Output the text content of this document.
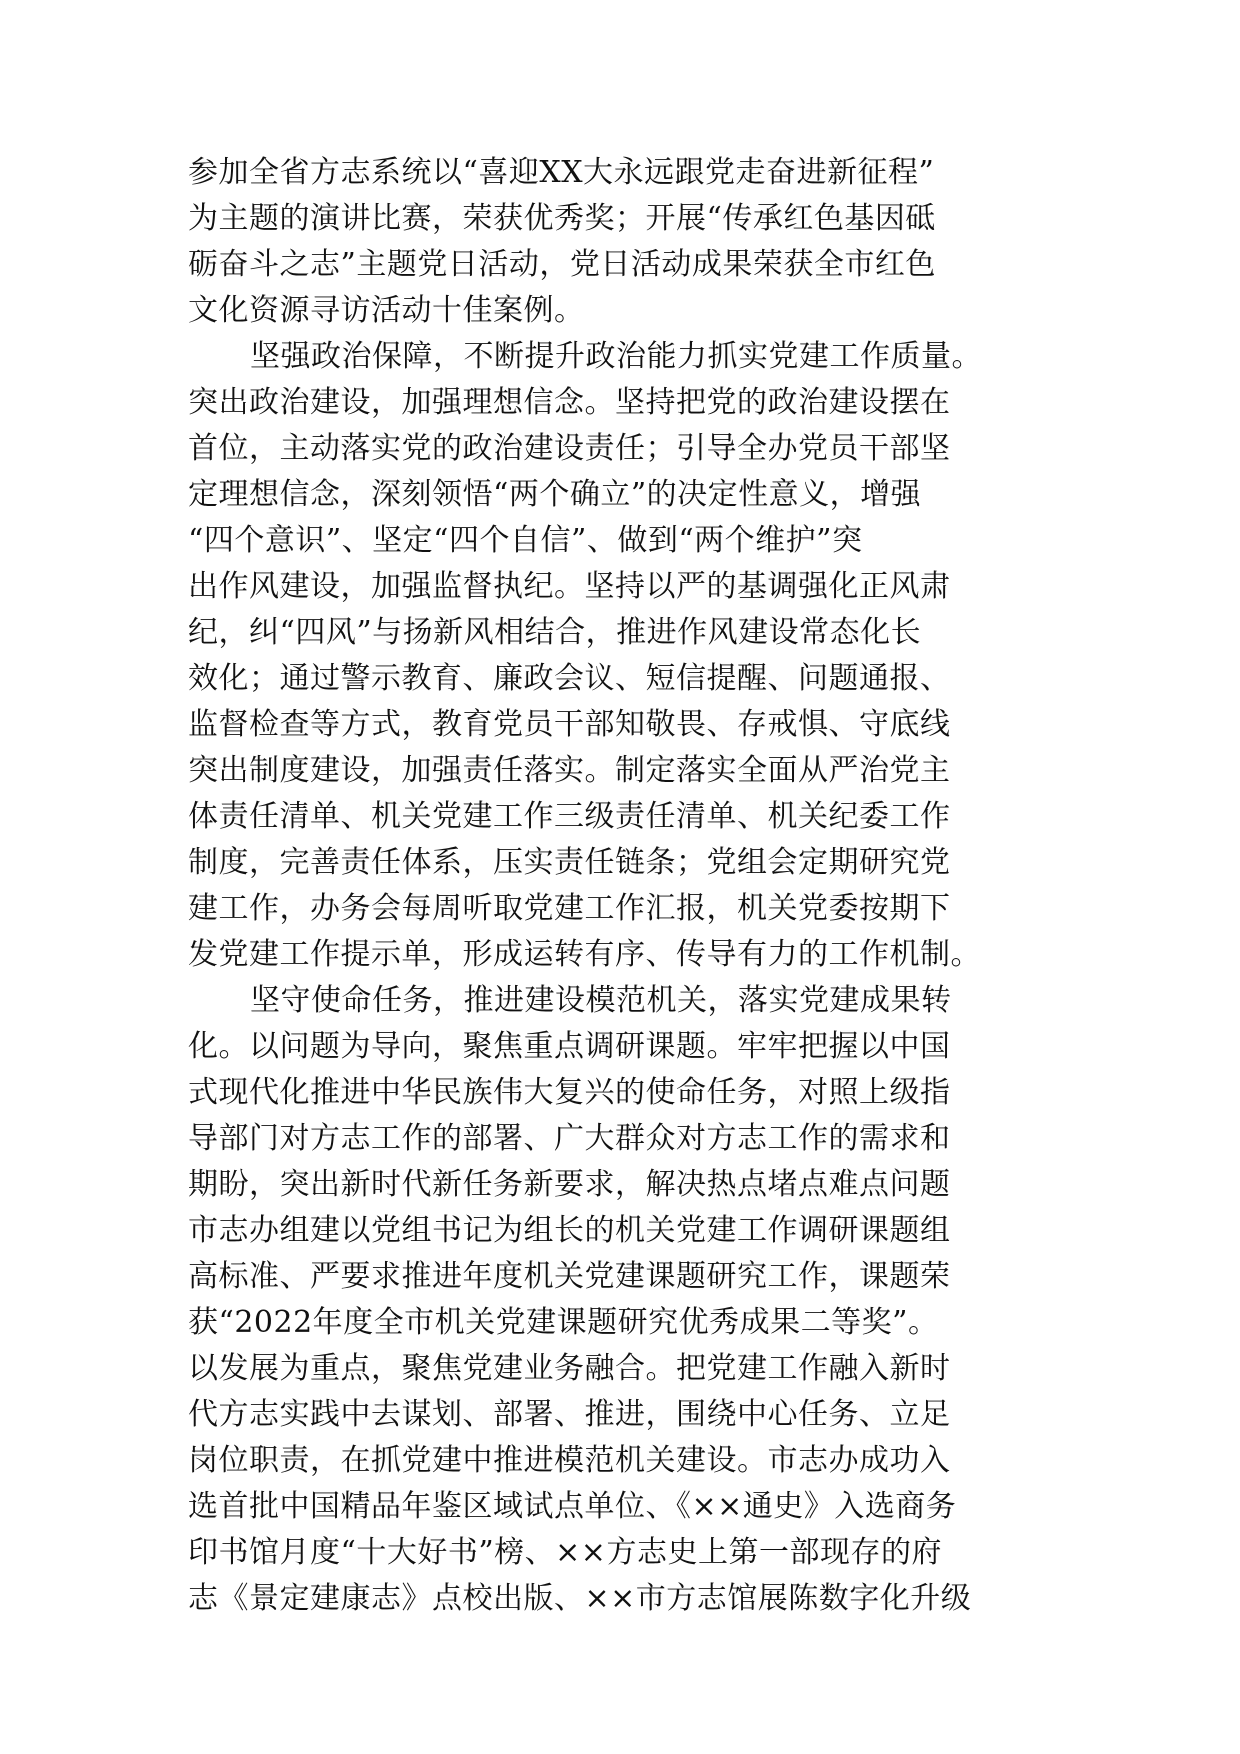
参加全省方志系统以“喜迎XX大永远跟党走奋进新征程”
为主题的演讲比赛，荣获优秀奖；开展“传承红色基因砥
砺奋斗之志”主题党日活动，党日活动成果荣获全市红色
文化资源寻访活动十佳案例。
坚强政治保障，不断提升政治能力抓实党建工作质量。
突出政治建设，加强理想信念。坚持把党的政治建设摆在
首位，主动落实党的政治建设责任；引导全办党员干部坚
定理想信念，深刻领悟“两个确立”的决定性意义，增强
“四个意识”、坚定“四个自信”、做到“两个维护”突
出作风建设，加强监督执纪。坚持以严的基调强化正风肃
纪，纠“四风”与扬新风相结合，推进作风建设常态化长
效化；通过警示教育、廉政会议、短信提醒、问题通报、
监督检查等方式，教育党员干部知敬畏、存戒惧、守底线
突出制度建设，加强责任落实。制定落实全面从严治党主
体责任清单、机关党建工作三级责任清单、机关纪委工作
制度，完善责任体系，压实责任链条；党组会定期研究党
建工作，办务会每周听取党建工作汇报，机关党委按期下
发党建工作提示单，形成运转有序、传导有力的工作机制。
坚守使命任务，推进建设模范机关，落实党建成果转
化。以问题为导向，聚焦重点调研课题。牢牢把握以中国
式现代化推进中华民族伟大复兴的使命任务，对照上级指
导部门对方志工作的部署、广大群众对方志工作的需求和
期盼，突出新时代新任务新要求，解决热点堵点难点问题
市志办组建以党组书记为组长的机关党建工作调研课题组
高标准、严要求推进年度机关党建课题研究工作，课题荣
获“2022年度全市机关党建课题研究优秀成果二等奖”。
以发展为重点，聚焦党建业务融合。把党建工作融入新时
代方志实践中去谋划、部署、推进，围绕中心任务、立足
岗位职责，在抓党建中推进模范机关建设。市志办成功入
选首批中国精品年鉴区域试点单位、《××通史》入选商务
印书馆月度“十大好书”榜、××方志史上第一部现存的府
志《景定建康志》点校出版、××市方志馆展陈数字化升级
